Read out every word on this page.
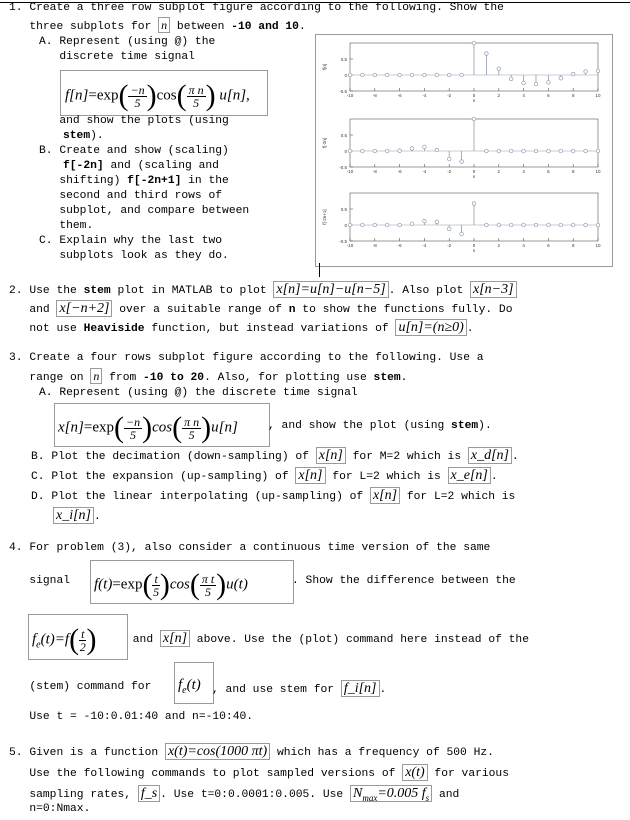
1. Create a three row subplot figure according to the following. Show the
three subplots for n between -10 and 10.
A. Represent (using @) the
discrete time signal
$f[n]=\exp( \frac{-n}{5} )\cos( \frac{\text{π n}}{5}$ ) u[n],
and show the plots (using
stem).
B. Create and show (scaling)
f[-2n] and (scaling and
shifting) f[-2n+1] in the
second and third rows of
subplot, and compare between
them.
C. Explain why the last two
subplots look as they do.
0.5
0
-0.5
-10	-8	-6	-4	-2	0	2	4	6	8	10
n
f[n]
0.5
0
-0.5
-10	-8	-6	-4	-2	0	2	4	6	8	10
n
f[-2n]
0.5
0
-0.5
-10	-8	-6	-4	-2	0	2	4	6	8	10
n
f[-2n+1]
2. Use the stem plot in MATLAB to plot x[n]=u[n]−u[n−5] . Also plot x[n−3]
and x[−n+2] over a suitable range of n to show the functions fully. Do
not use Heaviside function, but instead variations of u[n]=(n≥0) .
3. Create a four rows subplot figure according to the following. Use a
range on n from -10 to 20. Also, for plotting use stem.
A. Represent (using @) the discrete time signal
$x[n]=\exp( \frac{-n}{5} )\cos( \frac{\text{π n}}{5} )u[n]$	, and show the plot (using stem).
B. Plot the decimation (down-sampling) of x[n] for M=2 which is x_d[n] .
C. Plot the expansion (up-sampling) of x[n] for L=2 which is x_e[n] .
D. Plot the linear interpolating (up-sampling) of x[n] for L=2 which is
x_i[n] .
4. For problem (3), also consider a continuous time version of the same
signal $f(t)=\exp( \frac{t}{5} )\cos( \frac{\text{π t}}{5} )u(t)$	. Show the difference between the
$f_e(t)=f( \frac{t}{2}$ )	and x[n] above. Use the (plot) command here instead of the
(stem) command for $f_e(t)$ , and use stem for f_i[n] .
Use t = -10:0.01:40 and n=-10:40.
5. Given is a function x(t)=cos(1000 πt) which has a frequency of 500 Hz.
Use the following commands to plot sampled versions of x(t) for various
sampling rates, f_s . Use t=0:0.0001:0.005. Use $N_{max}=0.005$ $f_s$ and
n=0:Nmax.
